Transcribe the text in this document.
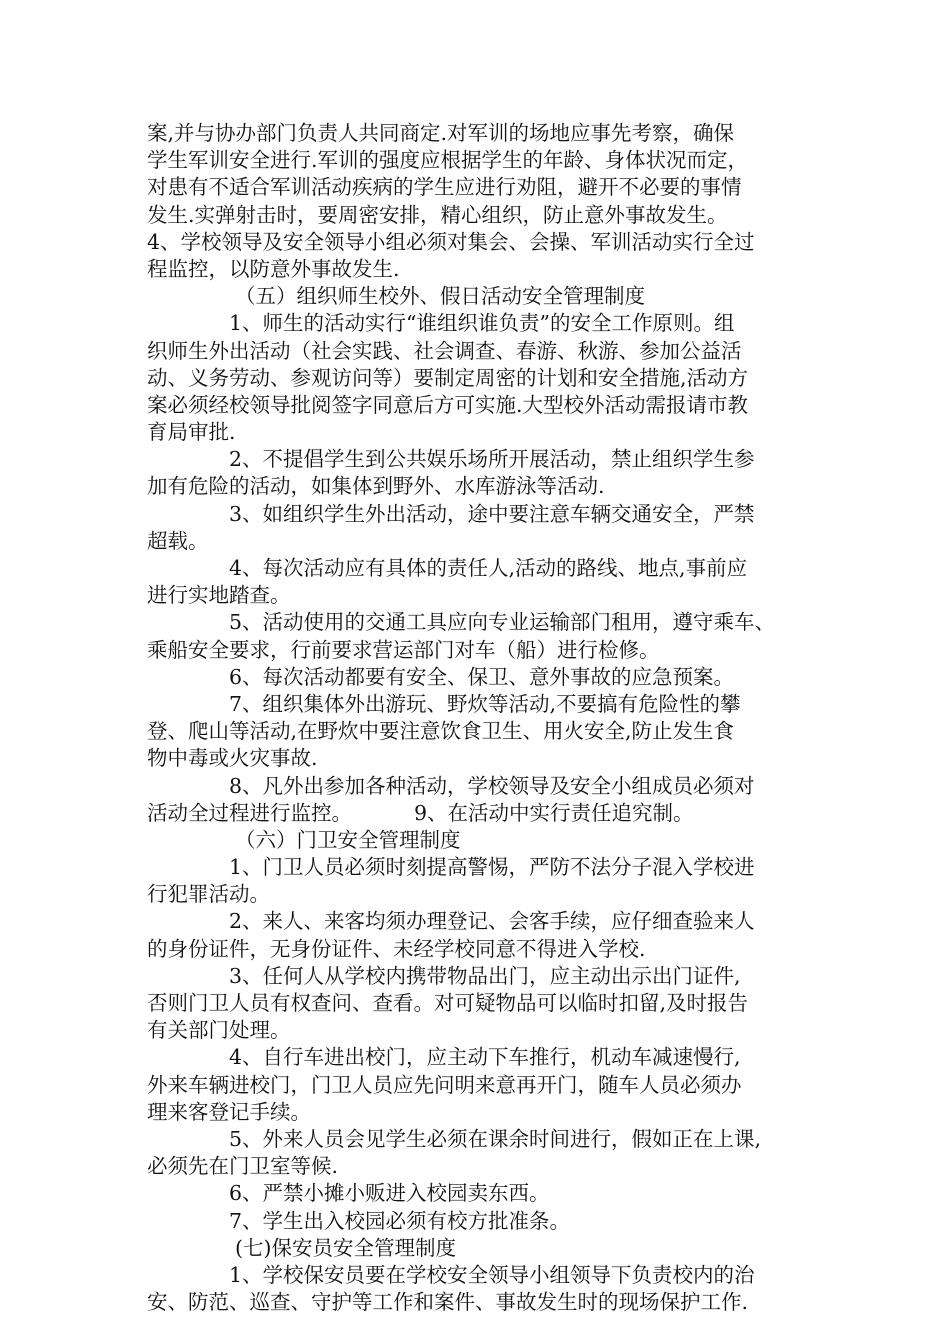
案,并与协办部门负责人共同商定.对军训的场地应事先考察，确保
学生军训安全进行.军训的强度应根据学生的年龄、身体状况而定，
对患有不适合军训活动疾病的学生应进行劝阻，避开不必要的事情
发生.实弹射击时，要周密安排，精心组织，防止意外事故发生。
4、学校领导及安全领导小组必须对集会、会操、军训活动实行全过
程监控，以防意外事故发生.
（五）组织师生校外、假日活动安全管理制度
1、师生的活动实行“谁组织谁负责”的安全工作原则。组
织师生外出活动（社会实践、社会调查、春游、秋游、参加公益活
动、义务劳动、参观访问等）要制定周密的计划和安全措施,活动方
案必须经校领导批阅签字同意后方可实施.大型校外活动需报请市教
育局审批.
2、不提倡学生到公共娱乐场所开展活动，禁止组织学生参
加有危险的活动，如集体到野外、水库游泳等活动.
3、如组织学生外出活动，途中要注意车辆交通安全，严禁
超载。
4、每次活动应有具体的责任人,活动的路线、地点,事前应
进行实地踏查。
5、活动使用的交通工具应向专业运输部门租用，遵守乘车、
乘船安全要求，行前要求营运部门对车（船）进行检修。
6、每次活动都要有安全、保卫、意外事故的应急预案。
7、组织集体外出游玩、野炊等活动,不要搞有危险性的攀
登、爬山等活动,在野炊中要注意饮食卫生、用火安全,防止发生食
物中毒或火灾事故.
8、凡外出参加各种活动，学校领导及安全小组成员必须对
活动全过程进行监控。	9、在活动中实行责任追究制。
（六）门卫安全管理制度
1、门卫人员必须时刻提高警惕，严防不法分子混入学校进
行犯罪活动。
2、来人、来客均须办理登记、会客手续，应仔细查验来人
的身份证件，无身份证件、未经学校同意不得进入学校.
3、任何人从学校内携带物品出门，应主动出示出门证件,
否则门卫人员有权查问、查看。对可疑物品可以临时扣留,及时报告
有关部门处理。
4、自行车进出校门，应主动下车推行，机动车减速慢行,
外来车辆进校门，门卫人员应先问明来意再开门，随车人员必须办
理来客登记手续。
5、外来人员会见学生必须在课余时间进行，假如正在上课,
必须先在门卫室等候.
6、严禁小摊小贩进入校园卖东西。
7、学生出入校园必须有校方批准条。
(七)保安员安全管理制度
1、学校保安员要在学校安全领导小组领导下负责校内的治
安、防范、巡查、守护等工作和案件、事故发生时的现场保护工作.
